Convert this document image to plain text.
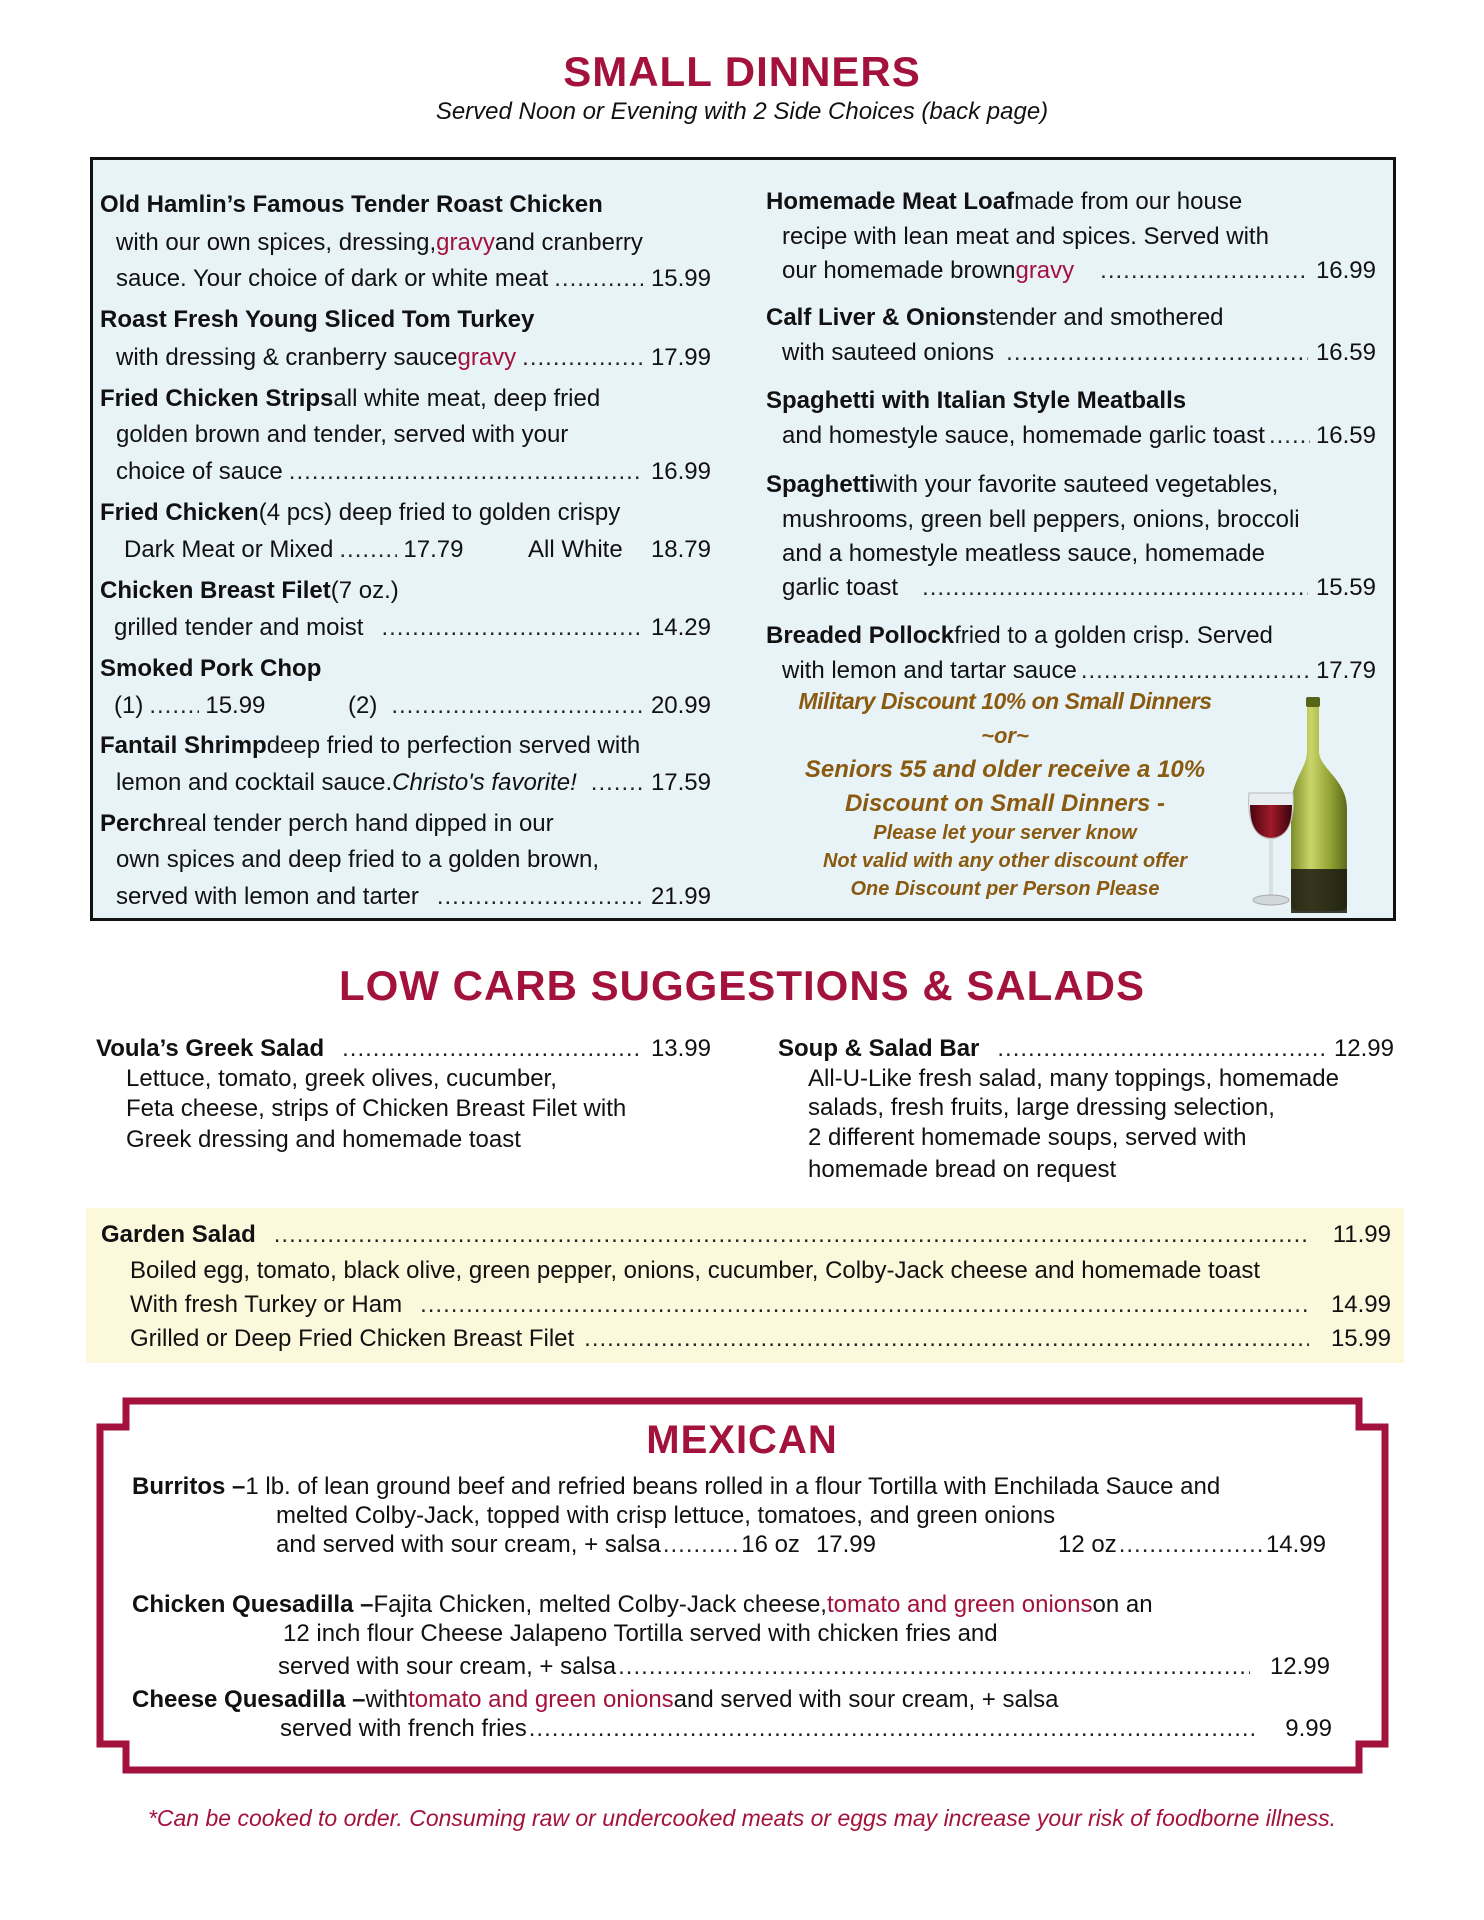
SMALL DINNERS
Served Noon or Evening with 2 Side Choices (back page)
Old Hamlin’s Famous Tender Roast Chicken
with our own spices, dressing, gravy and cranberry
sauce. Your choice of dark or white meat .....	15.99
Roast Fresh Young Sliced Tom Turkey
with dressing & cranberry sauce gravy .....	17.99
Fried Chicken Strips all white meat, deep fried
golden brown and tender, served with your
choice of sauce .....	16.99
Fried Chicken (4 pcs) deep fried to golden crispy
Dark Meat or Mixed .....	17.79	All White 18.79
Chicken Breast Filet (7 oz.)
grilled tender and moist .....	14.29
Smoked Pork Chop
(1) .....	15.99	(2) .....	20.99
Fantail Shrimp deep fried to perfection served with
lemon and cocktail sauce. Christo's favorite! .....	17.59
Perch real tender perch hand dipped in our
own spices and deep fried to a golden brown,
served with lemon and tarter .....	21.99
Homemade Meat Loaf made from our house
recipe with lean meat and spices. Served with
our homemade brown gravy .....	16.99
Calf Liver & Onions tender and smothered
with sauteed onions .....	16.59
Spaghetti with Italian Style Meatballs
and homestyle sauce, homemade garlic toast ..... 16.59
Spaghetti with your favorite sauteed vegetables,
mushrooms, green bell peppers, onions, broccoli
and a homestyle meatless sauce, homemade
garlic toast .....	15.59
Breaded Pollock fried to a golden crisp. Served
with lemon and tartar sauce .....	17.79
Military Discount 10% on Small Dinners
~or~
Seniors 55 and older receive a 10%
Discount on Small Dinners -
Please let your server know
Not valid with any other discount offer
One Discount per Person Please
LOW CARB SUGGESTIONS & SALADS
Voula’s Greek Salad .....	13.99
Lettuce, tomato, greek olives, cucumber,
Feta cheese, strips of Chicken Breast Filet with
Greek dressing and homemade toast
Soup & Salad Bar .....	12.99
All-U-Like fresh salad, many toppings, homemade
salads, fresh fruits, large dressing selection,
2 different homemade soups, served with
homemade bread on request
Garden Salad .....	11.99
Boiled egg, tomato, black olive, green pepper, onions, cucumber, Colby-Jack cheese and homemade toast
With fresh Turkey or Ham .....	14.99
Grilled or Deep Fried Chicken Breast Filet .....	15.99
MEXICAN
Burritos – 1 lb. of lean ground beef and refried beans rolled in a flour Tortilla with Enchilada Sauce and
melted Colby-Jack, topped with crisp lettuce, tomatoes, and green onions
and served with sour cream, + salsa .....	16 oz 17.99	12 oz .....	14.99
Chicken Quesadilla – Fajita Chicken, melted Colby-Jack cheese, tomato and green onions on an
12 inch flour Cheese Jalapeno Tortilla served with chicken fries and
served with sour cream, + salsa .....	12.99
Cheese Quesadilla – with tomato and green onions and served with sour cream, + salsa
served with french fries .....	9.99
*Can be cooked to order. Consuming raw or undercooked meats or eggs may increase your risk of foodborne illness.
